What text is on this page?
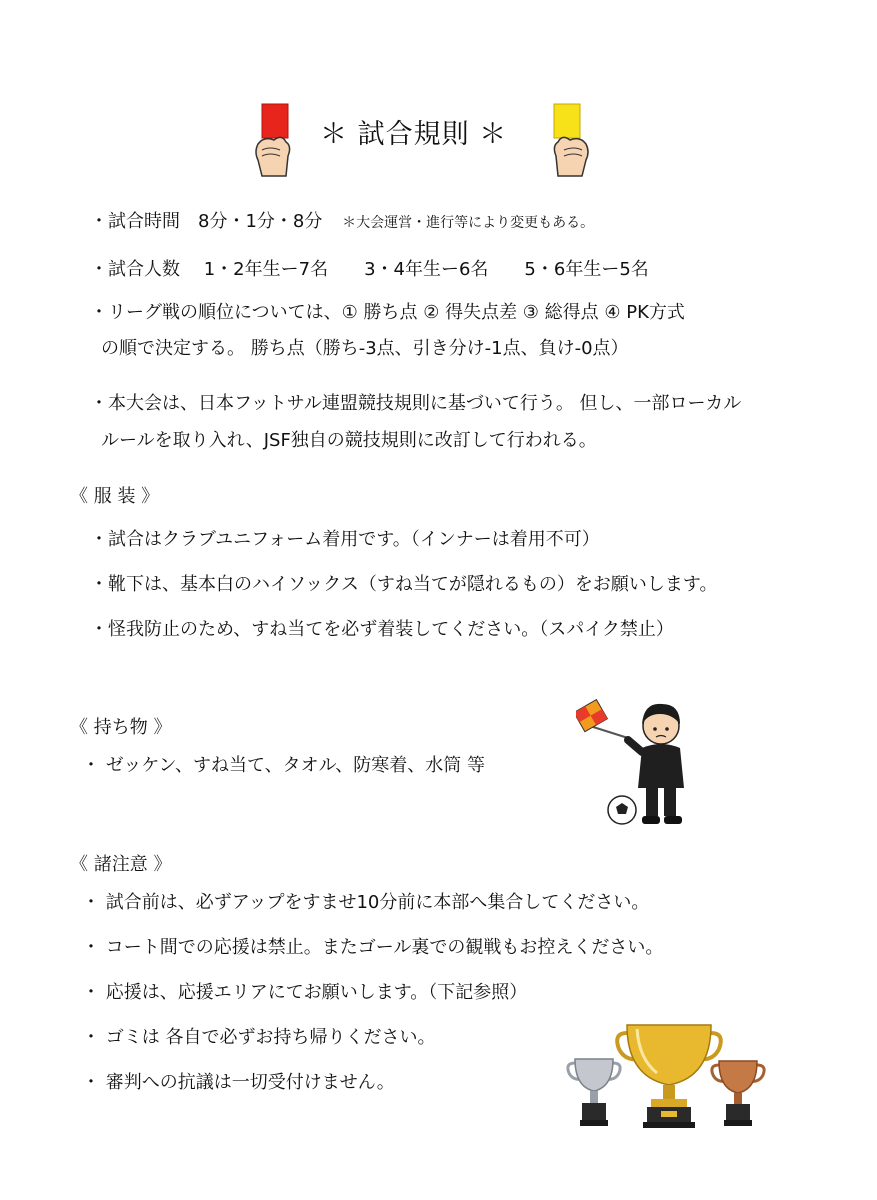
＊ 試合規則 ＊
・試合時間　8分・1分・8分 ＊大会運営・進行等により変更もある。
・試合人数　 1・2年生ー7名　　3・4年生ー6名　　5・6年生ー5名
・リーグ戦の順位については、① 勝ち点 ② 得失点差 ③ 総得点 ④ PK方式
の順で決定する。 勝ち点（勝ち-3点、引き分け-1点、負け-0点）
・本大会は、日本フットサル連盟競技規則に基づいて行う。 但し、一部ローカル
ルールを取り入れ、JSF独自の競技規則に改訂して行われる。
《 服 装 》
・試合はクラブユニフォーム着用です。（インナーは着用不可）
・靴下は、基本白のハイソックス（すね当てが隠れるもの）をお願いします。
・怪我防止のため、すね当てを必ず着装してください。（スパイク禁止）
《 持ち物 》
・ ゼッケン、すね当て、タオル、防寒着、水筒 等
《 諸注意 》
・ 試合前は、必ずアップをすませ10分前に本部へ集合してください。
・ コート間での応援は禁止。またゴール裏での観戦もお控えください。
・ 応援は、応援エリアにてお願いします。（下記参照）
・ ゴミは 各自で必ずお持ち帰りください。
・ 審判への抗議は一切受付けません。
